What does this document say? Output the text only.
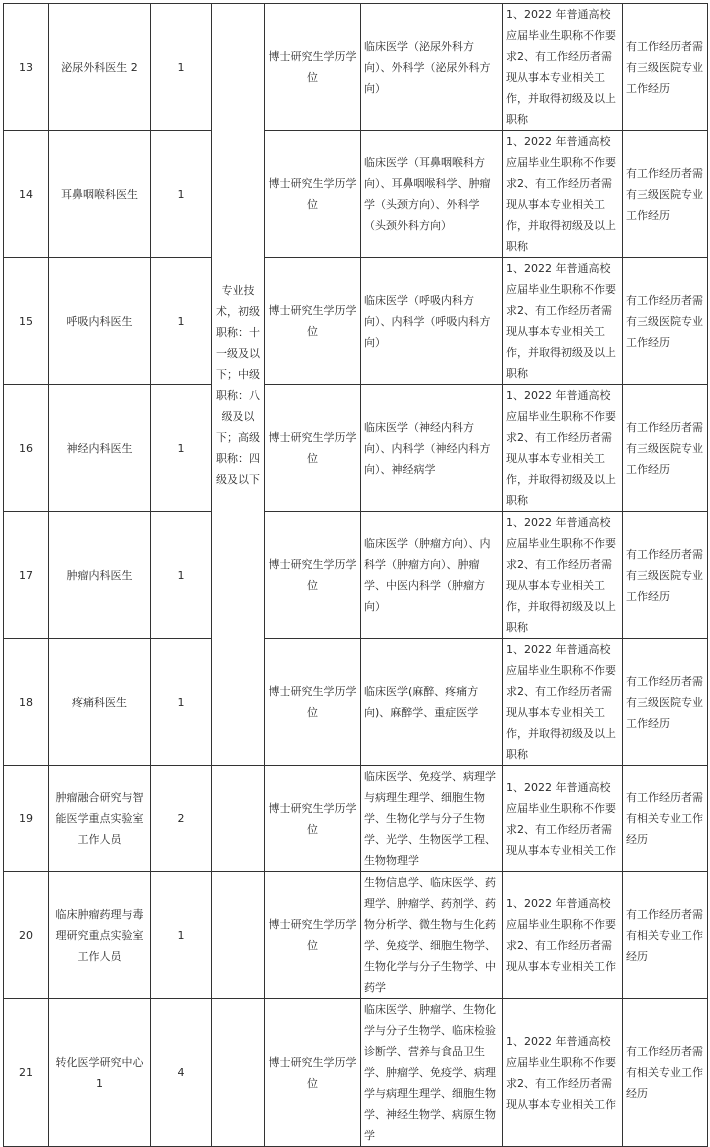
13	泌尿外科医生 2	1	专业技术，初级职称：十一级及以下；中级职称：八级及以下；高级职称：四级及以下	博士研究生学历学位	临床医学（泌尿外科方向）、外科学（泌尿外科方向）	1、2022 年普通高校应届毕业生职称不作要求2、有工作经历者需现从事本专业相关工作，并取得初级及以上职称	有工作经历者需有三级医院专业工作经历
14	耳鼻咽喉科医生	1		博士研究生学历学位	临床医学（耳鼻咽喉科方向）、耳鼻咽喉科学、肿瘤学（头颈方向）、外科学（头颈外科方向）	1、2022 年普通高校应届毕业生职称不作要求2、有工作经历者需现从事本专业相关工作，并取得初级及以上职称	有工作经历者需有三级医院专业工作经历
15	呼吸内科医生	1		博士研究生学历学位	临床医学（呼吸内科方向）、内科学（呼吸内科方向）	1、2022 年普通高校应届毕业生职称不作要求2、有工作经历者需现从事本专业相关工作，并取得初级及以上职称	有工作经历者需有三级医院专业工作经历
16	神经内科医生	1		博士研究生学历学位	临床医学（神经内科方向）、内科学（神经内科方向）、神经病学	1、2022 年普通高校应届毕业生职称不作要求2、有工作经历者需现从事本专业相关工作，并取得初级及以上职称	有工作经历者需有三级医院专业工作经历
17	肿瘤内科医生	1		博士研究生学历学位	临床医学（肿瘤方向）、内科学（肿瘤方向）、肿瘤学、中医内科学（肿瘤方向）	1、2022 年普通高校应届毕业生职称不作要求2、有工作经历者需现从事本专业相关工作，并取得初级及以上职称	有工作经历者需有三级医院专业工作经历
18	疼痛科医生	1		博士研究生学历学位	临床医学(麻醉、疼痛方向)、麻醉学、重症医学	1、2022 年普通高校应届毕业生职称不作要求2、有工作经历者需现从事本专业相关工作，并取得初级及以上职称	有工作经历者需有三级医院专业工作经历
19	肿瘤融合研究与智能医学重点实验室工作人员	2		博士研究生学历学位	临床医学、免疫学、病理学与病理生理学、细胞生物学、生物化学与分子生物学、光学、生物医学工程、生物物理学	1、2022 年普通高校应届毕业生职称不作要求2、有工作经历者需现从事本专业相关工作	有工作经历者需有相关专业工作经历
20	临床肿瘤药理与毒理研究重点实验室工作人员	1		博士研究生学历学位	生物信息学、临床医学、药理学、肿瘤学、药剂学、药物分析学、微生物与生化药学、免疫学、细胞生物学、生物化学与分子生物学、中药学	1、2022 年普通高校应届毕业生职称不作要求2、有工作经历者需现从事本专业相关工作	有工作经历者需有相关专业工作经历
21	转化医学研究中心 1	4		博士研究生学历学位	临床医学、肿瘤学、生物化学与分子生物学、临床检验诊断学、营养与食品卫生学、肿瘤学、免疫学、病理学与病理生理学、细胞生物学、神经生物学、病原生物学	1、2022 年普通高校应届毕业生职称不作要求2、有工作经历者需现从事本专业相关工作	有工作经历者需有相关专业工作经历
